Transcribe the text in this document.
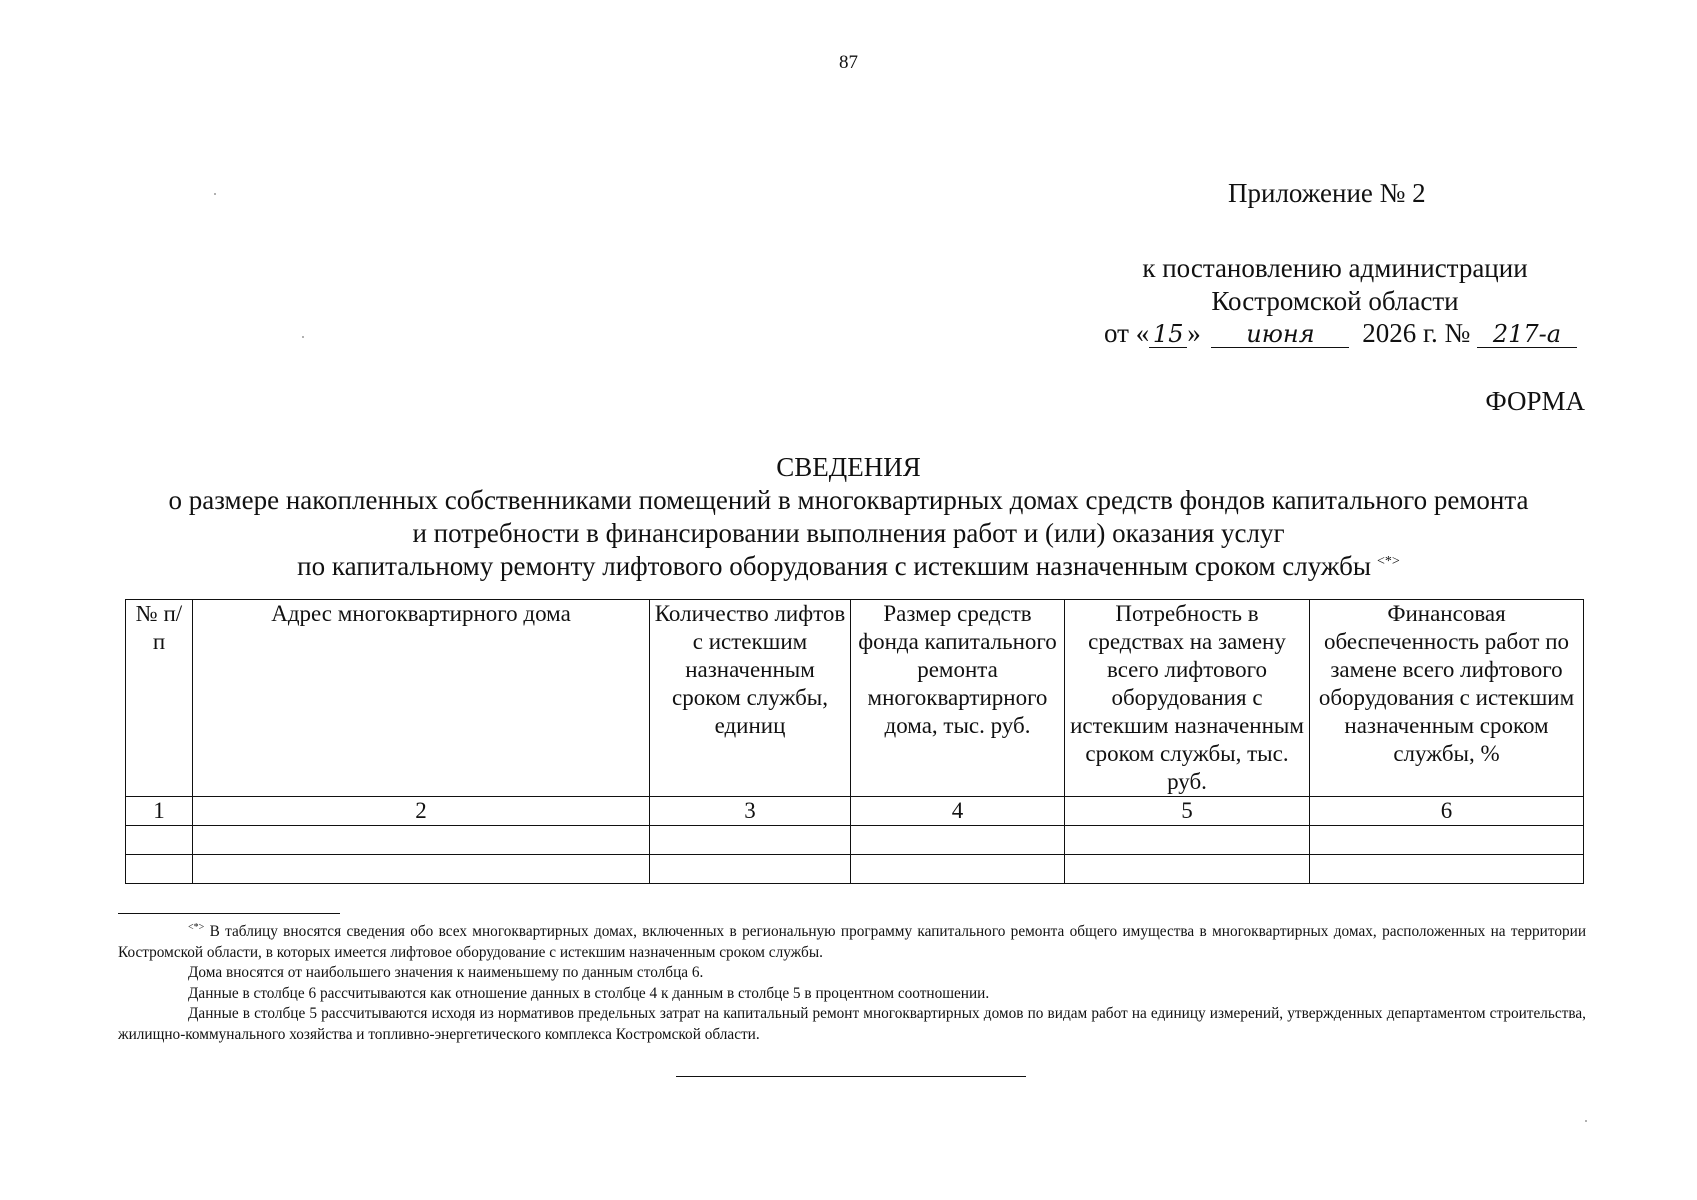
87
Приложение № 2
к постановлению администрации
Костромской области
от « 15 » июня 2026 г. № 217-а
ФОРМА
СВЕДЕНИЯ
о размере накопленных собственниками помещений в многоквартирных домах средств фондов капитального ремонта
и потребности в финансировании выполнения работ и (или) оказания услуг
по капитальному ремонту лифтового оборудования с истекшим назначенным сроком службы <*>
№ п/п	Адрес многоквартирного дома	Количество лифтов с истекшим назначенным сроком службы, единиц	Размер средств фонда капитального ремонта многоквартирного дома, тыс. руб.	Потребность в средствах на замену всего лифтового оборудования с истекшим назначенным сроком службы, тыс. руб.	Финансовая обеспеченность работ по замене всего лифтового оборудования с истекшим назначенным сроком службы, %
1	2	3	4	5	6

<*> В таблицу вносятся сведения обо всех многоквартирных домах, включенных в региональную программу капитального ремонта общего имущества в многоквартирных домах, расположенных на территории Костромской области, в которых имеется лифтовое оборудование с истекшим назначенным сроком службы.

Дома вносятся от наибольшего значения к наименьшему по данным столбца 6.

Данные в столбце 6 рассчитываются как отношение данных в столбце 4 к данным в столбце 5 в процентном соотношении.

Данные в столбце 5 рассчитываются исходя из нормативов предельных затрат на капитальный ремонт многоквартирных домов по видам работ на единицу измерений, утвержденных департаментом строительства, жилищно-коммунального хозяйства и топливно-энергетического комплекса Костромской области.
